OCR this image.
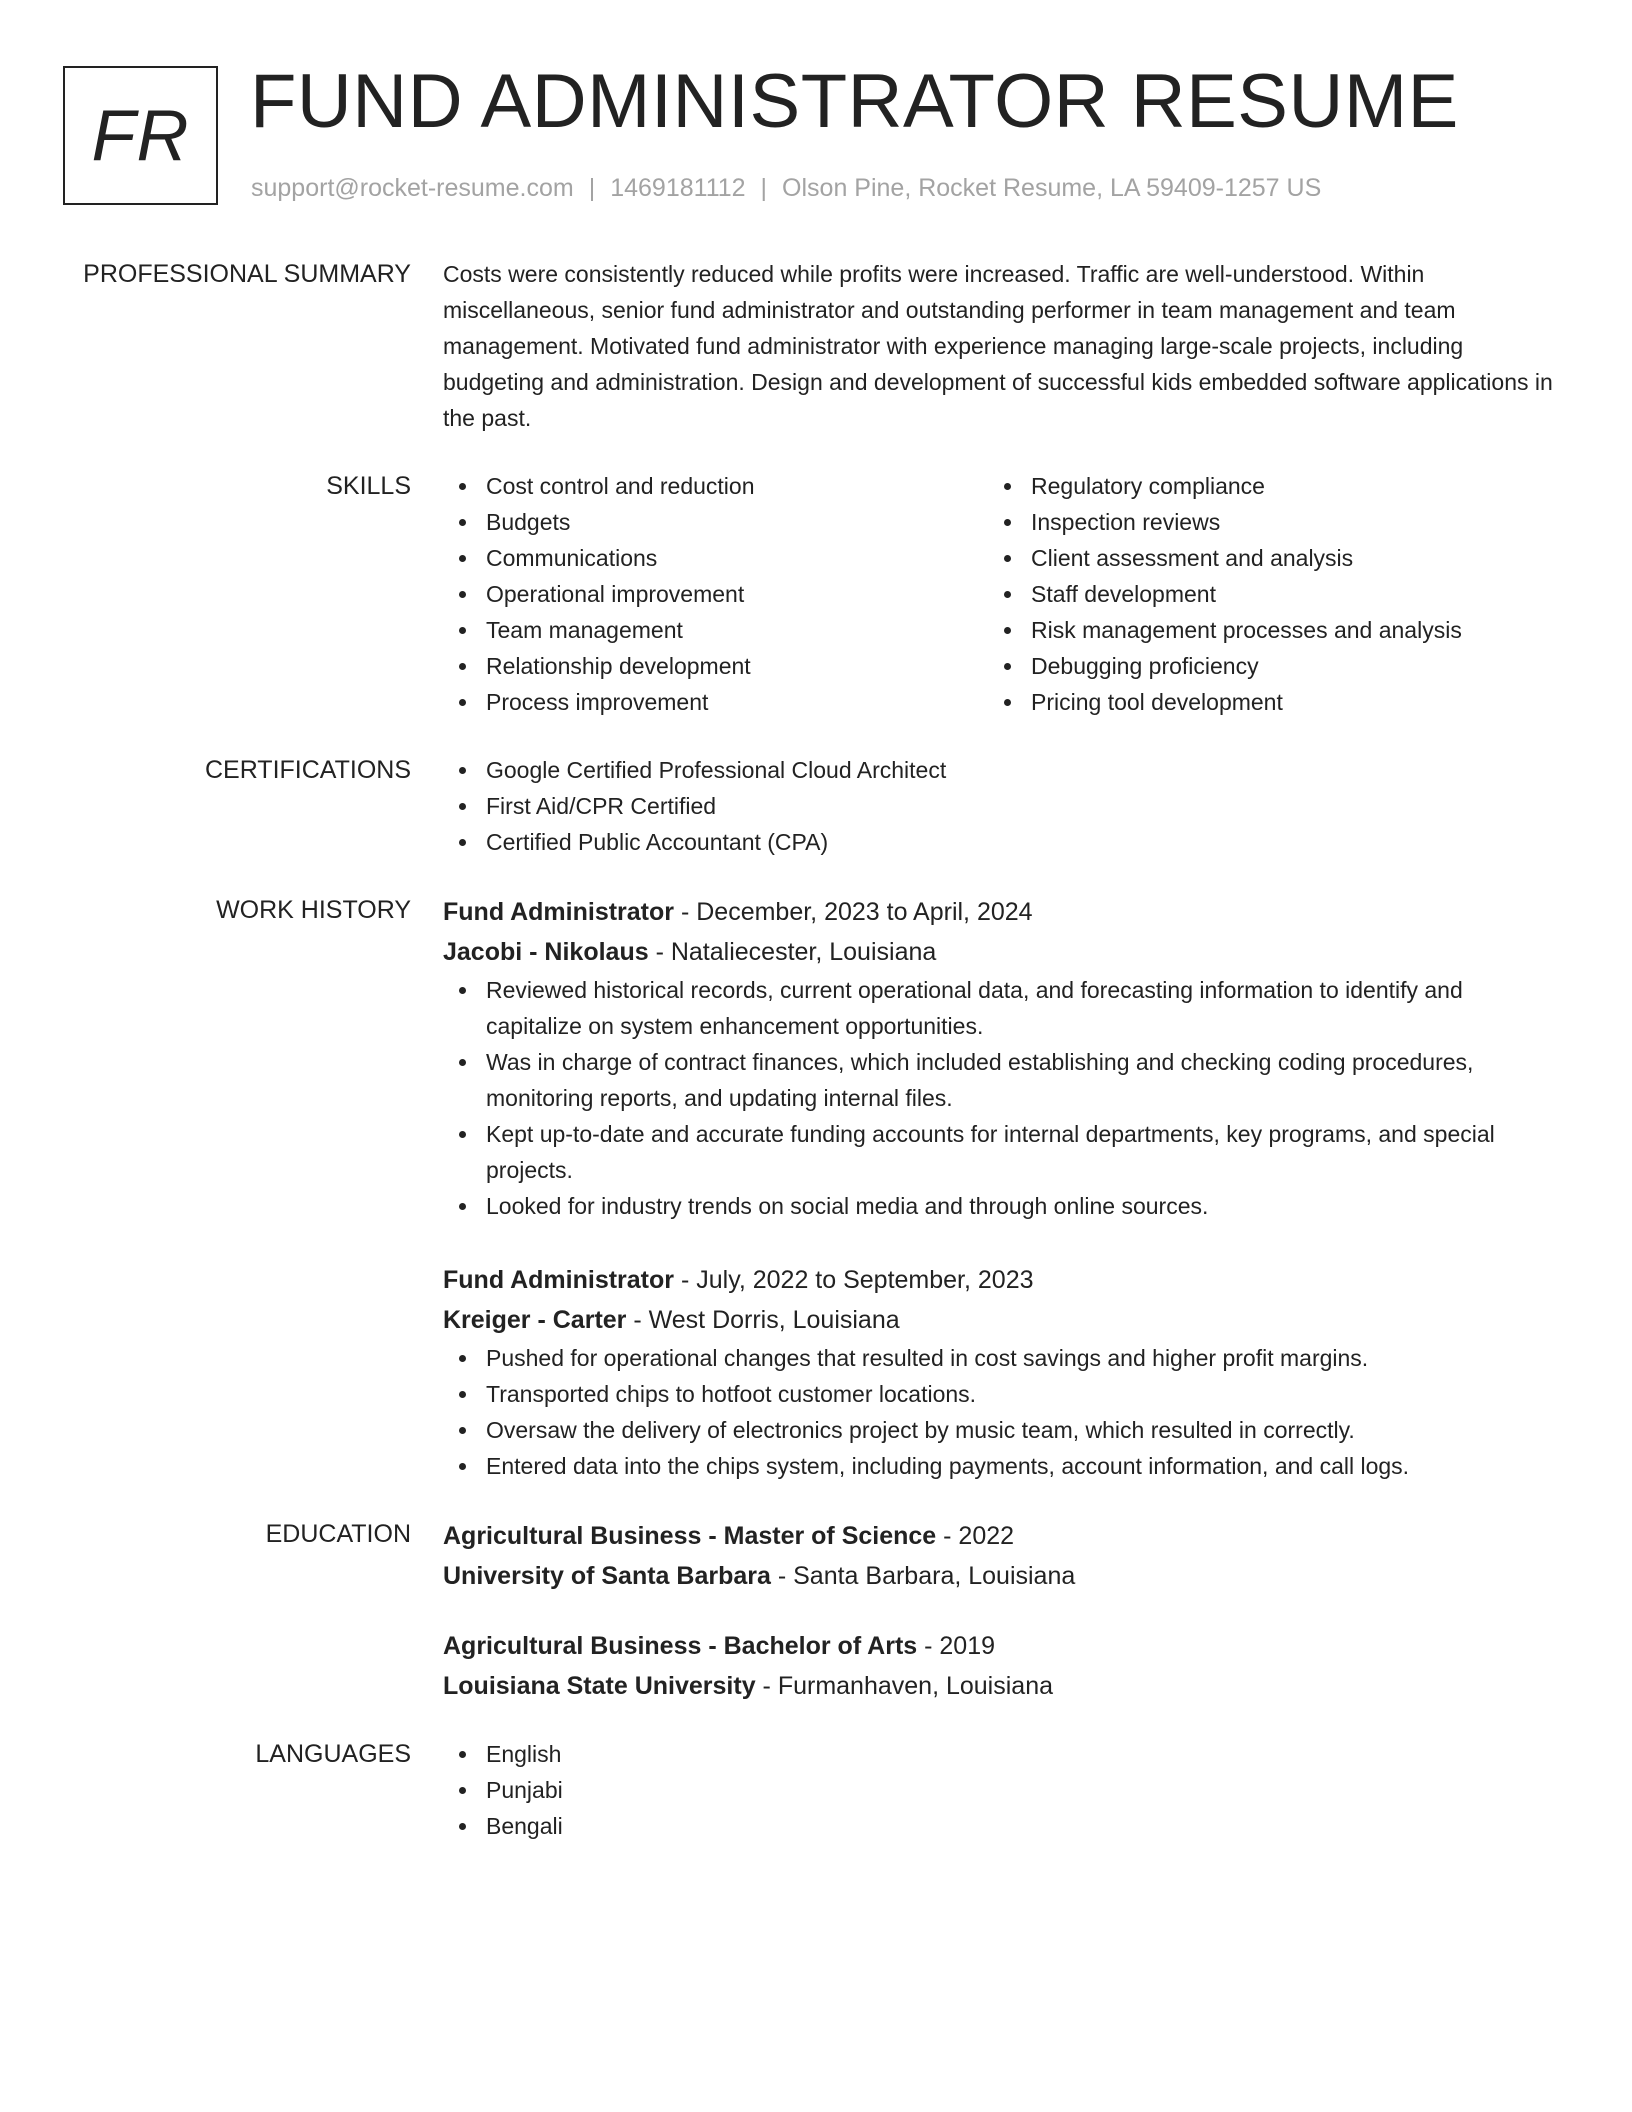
FR FUND ADMINISTRATOR RESUME
support@rocket-resume.com | 1469181112 | Olson Pine, Rocket Resume, LA 59409-1257 US
PROFESSIONAL SUMMARY Costs were consistently reduced while profits were increased. Traffic are well-understood. Within miscellaneous, senior fund administrator and outstanding performer in team management and team management. Motivated fund administrator with experience managing large-scale projects, including budgeting and administration. Design and development of successful kids embedded software applications in the past.

SKILLS	Cost control and reduction
Budgets
Communications
Operational improvement
Team management
Relationship development
Process improvement
Regulatory compliance
Inspection reviews
Client assessment and analysis
Staff development
Risk management processes and analysis
Debugging proficiency
Pricing tool development
CERTIFICATIONS	Google Certified Professional Cloud Architect
First Aid/CPR Certified
Certified Public Accountant (CPA)
WORK HISTORY Fund Administrator - December, 2023 to April, 2024
Jacobi - Nikolaus - Nataliecester, Louisiana
Reviewed historical records, current operational data, and forecasting information to identify and capitalize on system enhancement opportunities.
Was in charge of contract finances, which included establishing and checking coding procedures, monitoring reports, and updating internal files.
Kept up-to-date and accurate funding accounts for internal departments, key programs, and special projects.
Looked for industry trends on social media and through online sources.
Fund Administrator - July, 2022 to September, 2023
Kreiger - Carter - West Dorris, Louisiana
Pushed for operational changes that resulted in cost savings and higher profit margins.
Transported chips to hotfoot customer locations.
Oversaw the delivery of electronics project by music team, which resulted in correctly.
Entered data into the chips system, including payments, account information, and call logs.
EDUCATION Agricultural Business - Master of Science - 2022
University of Santa Barbara - Santa Barbara, Louisiana
Agricultural Business - Bachelor of Arts - 2019
Louisiana State University - Furmanhaven, Louisiana
LANGUAGES	English
Punjabi
Bengali
